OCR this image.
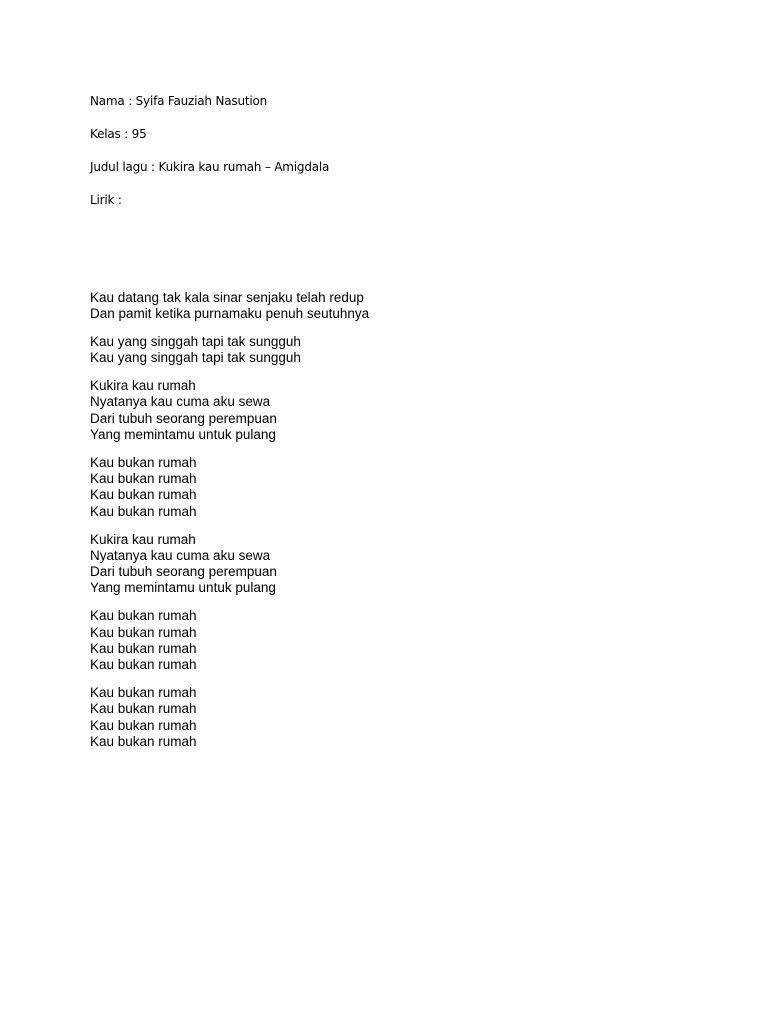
Nama : Syifa Fauziah Nasution
Kelas : 95
Judul lagu : Kukira kau rumah – Amigdala
Lirik :
Kau datang tak kala sinar senjaku telah redup
Dan pamit ketika purnamaku penuh seutuhnya
Kau yang singgah tapi tak sungguh
Kau yang singgah tapi tak sungguh
Kukira kau rumah
Nyatanya kau cuma aku sewa
Dari tubuh seorang perempuan
Yang memintamu untuk pulang
Kau bukan rumah
Kau bukan rumah
Kau bukan rumah
Kau bukan rumah
Kukira kau rumah
Nyatanya kau cuma aku sewa
Dari tubuh seorang perempuan
Yang memintamu untuk pulang
Kau bukan rumah
Kau bukan rumah
Kau bukan rumah
Kau bukan rumah
Kau bukan rumah
Kau bukan rumah
Kau bukan rumah
Kau bukan rumah
